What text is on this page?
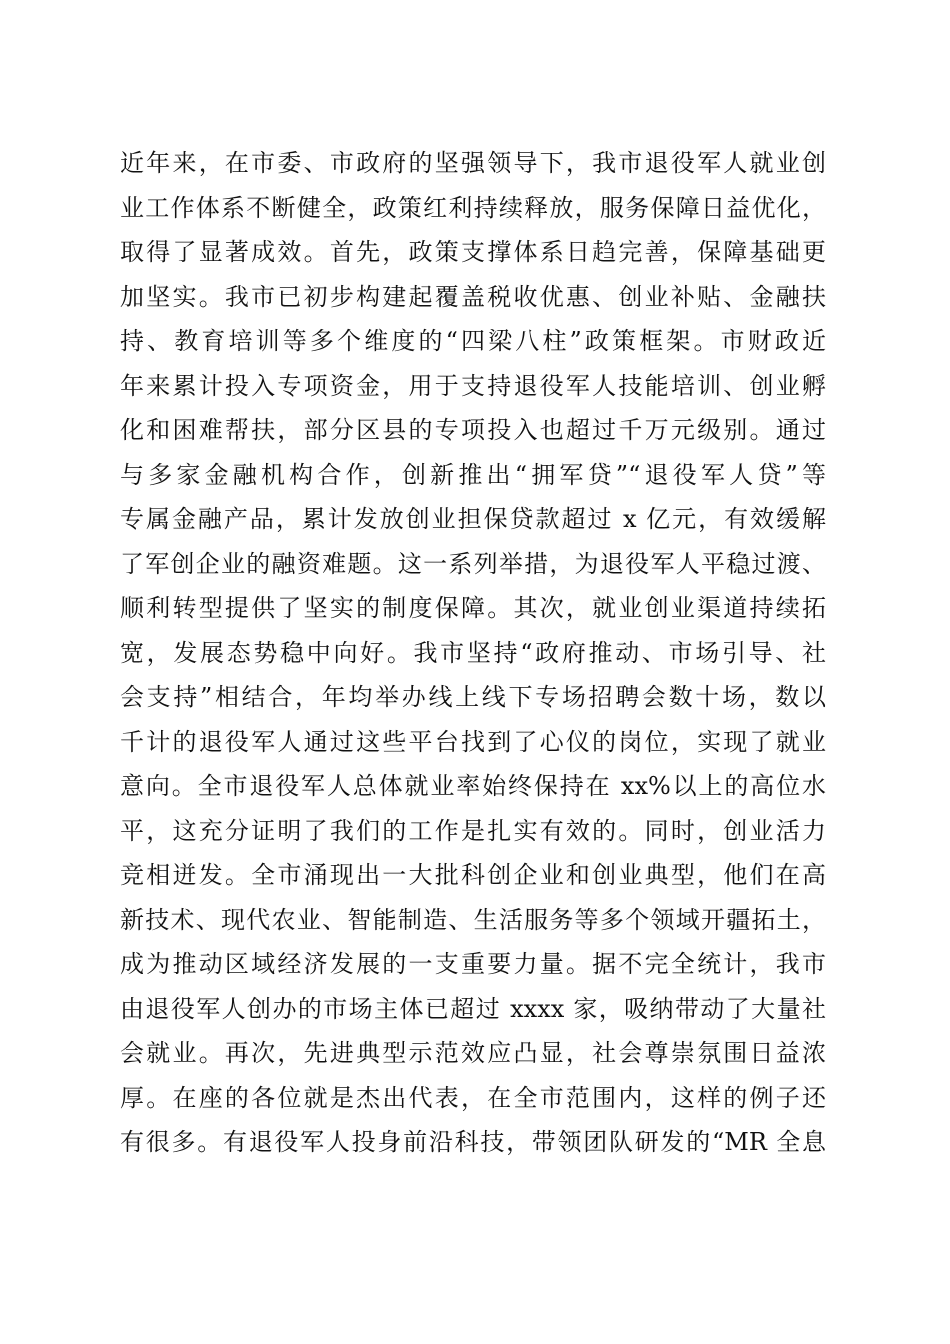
近年来，在市委、市政府的坚强领导下，我市退役军人就业创
业工作体系不断健全，政策红利持续释放，服务保障日益优化，
取得了显著成效。首先，政策支撑体系日趋完善，保障基础更
加坚实。我市已初步构建起覆盖税收优惠、创业补贴、金融扶
持、教育培训等多个维度的“四梁八柱”政策框架。市财政近
年来累计投入专项资金，用于支持退役军人技能培训、创业孵
化和困难帮扶，部分区县的专项投入也超过千万元级别。通过
与多家金融机构合作，创新推出“拥军贷”“退役军人贷”等
专属金融产品，累计发放创业担保贷款超过 x 亿元，有效缓解
了军创企业的融资难题。这一系列举措，为退役军人平稳过渡、
顺利转型提供了坚实的制度保障。其次，就业创业渠道持续拓
宽，发展态势稳中向好。我市坚持“政府推动、市场引导、社
会支持”相结合，年均举办线上线下专场招聘会数十场，数以
千计的退役军人通过这些平台找到了心仪的岗位，实现了就业
意向。全市退役军人总体就业率始终保持在 xx%以上的高位水
平，这充分证明了我们的工作是扎实有效的。同时，创业活力
竞相迸发。全市涌现出一大批科创企业和创业典型，他们在高
新技术、现代农业、智能制造、生活服务等多个领域开疆拓土，
成为推动区域经济发展的一支重要力量。据不完全统计，我市
由退役军人创办的市场主体已超过 xxxx 家，吸纳带动了大量社
会就业。再次，先进典型示范效应凸显，社会尊崇氛围日益浓
厚。在座的各位就是杰出代表，在全市范围内，这样的例子还
有很多。有退役军人投身前沿科技，带领团队研发的“MR 全息
